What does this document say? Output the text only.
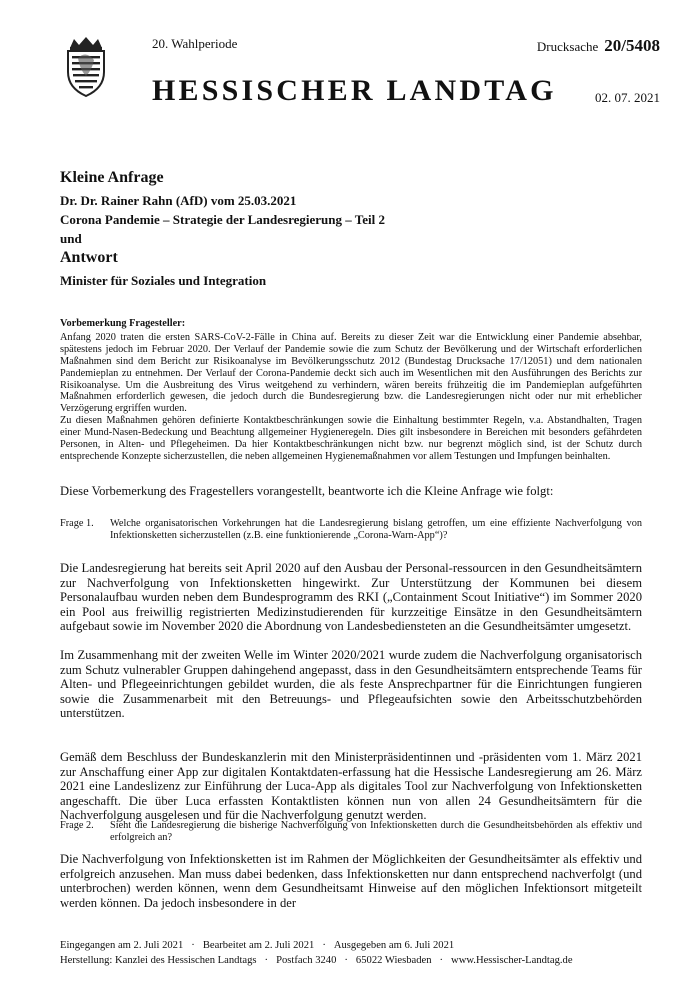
20. Wahlperiode	Drucksache 20/5408
HESSISCHER LANDTAG	02. 07. 2021

Kleine Anfrage

Dr. Dr. Rainer Rahn (AfD) vom 25.03.2021

Corona Pandemie – Strategie der Landesregierung – Teil 2

und

Antwort

Minister für Soziales und Integration

Vorbemerkung Fragesteller:

Anfang 2020 traten die ersten SARS-CoV-2-Fälle in China auf. Bereits zu dieser Zeit war die Entwicklung einer Pandemie absehbar, spätestens jedoch im Februar 2020. Der Verlauf der Pandemie sowie die zum Schutz der Bevölkerung und der Wirtschaft erforderlichen Maßnahmen sind dem Bericht zur Risikoanalyse im Bevölkerungsschutz 2012 (Bundestag Drucksache 17/12051) und dem nationalen Pandemieplan zu entnehmen. Der Verlauf der Corona-Pandemie deckt sich auch im Wesentlichen mit den Ausführungen des Berichts zur Risikoanalyse. Um die Ausbreitung des Virus weitgehend zu verhindern, wären bereits frühzeitig die im Pandemieplan aufgeführten Maßnahmen erforderlich gewesen, die jedoch durch die Bundesregierung bzw. die Landesregierungen nicht oder nur mit erheblicher Verzögerung ergriffen wurden.

Zu diesen Maßnahmen gehören definierte Kontaktbeschränkungen sowie die Einhaltung bestimmter Regeln, v.a. Abstandhalten, Tragen einer Mund-Nasen-Bedeckung und Beachtung allgemeiner Hygieneregeln. Dies gilt insbesondere in Bereichen mit besonders gefährdeten Personen, in Alten- und Pflegeheimen. Da hier Kontaktbeschränkungen nicht bzw. nur begrenzt möglich sind, ist der Schutz durch entsprechende Konzepte sicherzustellen, die neben allgemeinen Hygienemaßnahmen vor allem Testungen und Impfungen beinhalten.

Diese Vorbemerkung des Fragestellers vorangestellt, beantworte ich die Kleine Anfrage wie folgt:
Frage 1. Welche organisatorischen Vorkehrungen hat die Landesregierung bislang getroffen, um eine effiziente Nachverfolgung von Infektionsketten sicherzustellen (z.B. eine funktionierende „Corona-Warn-App“)?

Die Landesregierung hat bereits seit April 2020 auf den Ausbau der Personal-ressourcen in den Gesundheitsämtern zur Nachverfolgung von Infektionsketten hingewirkt. Zur Unterstützung der Kommunen bei diesem Personalaufbau wurden neben dem Bundesprogramm des RKI („Containment Scout Initiative“) im Sommer 2020 ein Pool aus freiwillig registrierten Medizinstudierenden für kurzzeitige Einsätze in den Gesundheitsämtern aufgebaut sowie im November 2020 die Abordnung von Landesbediensteten an die Gesundheitsämter umgesetzt.

Im Zusammenhang mit der zweiten Welle im Winter 2020/2021 wurde zudem die Nachverfolgung organisatorisch zum Schutz vulnerabler Gruppen dahingehend angepasst, dass in den Gesundheitsämtern entsprechende Teams für Alten- und Pflegeeinrichtungen gebildet wurden, die als feste Ansprechpartner für die Einrichtungen fungieren sowie die Zusammenarbeit mit den Betreuungs- und Pflegeaufsichten sowie den Arbeitsschutzbehörden unterstützen.

Gemäß dem Beschluss der Bundeskanzlerin mit den Ministerpräsidentinnen und -präsidenten vom 1. März 2021 zur Anschaffung einer App zur digitalen Kontaktdaten-erfassung hat die Hessische Landesregierung am 26. März 2021 eine Landeslizenz zur Einführung der Luca-App als digitales Tool zur Nachverfolgung von Infektionsketten angeschafft. Die über Luca erfassten Kontaktlisten können nun von allen 24 Gesundheitsämtern für die Nachverfolgung ausgelesen und für die Nachverfolgung genutzt werden.

Frage 2. Sieht die Landesregierung die bisherige Nachverfolgung von Infektionsketten durch die Gesundheitsbehörden als effektiv und erfolgreich an?

Die Nachverfolgung von Infektionsketten ist im Rahmen der Möglichkeiten der Gesundheitsämter als effektiv und erfolgreich anzusehen. Man muss dabei bedenken, dass Infektionsketten nur dann entsprechend nachverfolgt (und unterbrochen) werden können, wenn dem Gesundheitsamt Hinweise auf den möglichen Infektionsort mitgeteilt werden können. Da jedoch insbesondere in der

Eingegangen am 2. Juli 2021 · Bearbeitet am 2. Juli 2021 · Ausgegeben am 6. Juli 2021
Herstellung: Kanzlei des Hessischen Landtags · Postfach 3240 · 65022 Wiesbaden · www.Hessischer-Landtag.de
